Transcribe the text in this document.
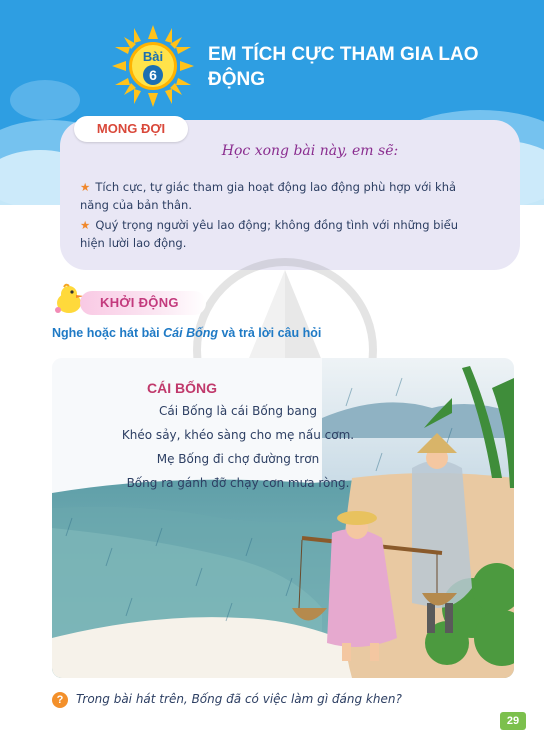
Bài
6
EM TÍCH CỰC THAM GIA LAO ĐỘNG
MONG ĐỢI
Học xong bài này, em sẽ:
★ Tích cực, tự giác tham gia hoạt động lao động phù hợp với khả năng của bản thân.
★ Quý trọng người yêu lao động; không đồng tình với những biểu hiện lười lao động.
KHỞI ĐỘNG
Nghe hoặc hát bài Cái Bống và trả lời câu hỏi
CÁI BỐNG
Cái Bống là cái Bống bang
Khéo sảy, khéo sàng cho mẹ nấu cơm.
Mẹ Bống đi chợ đường trơn
Bống ra gánh đỡ chạy cơn mưa ròng.
?	Trong bài hát trên, Bống đã có việc làm gì đáng khen?
29
